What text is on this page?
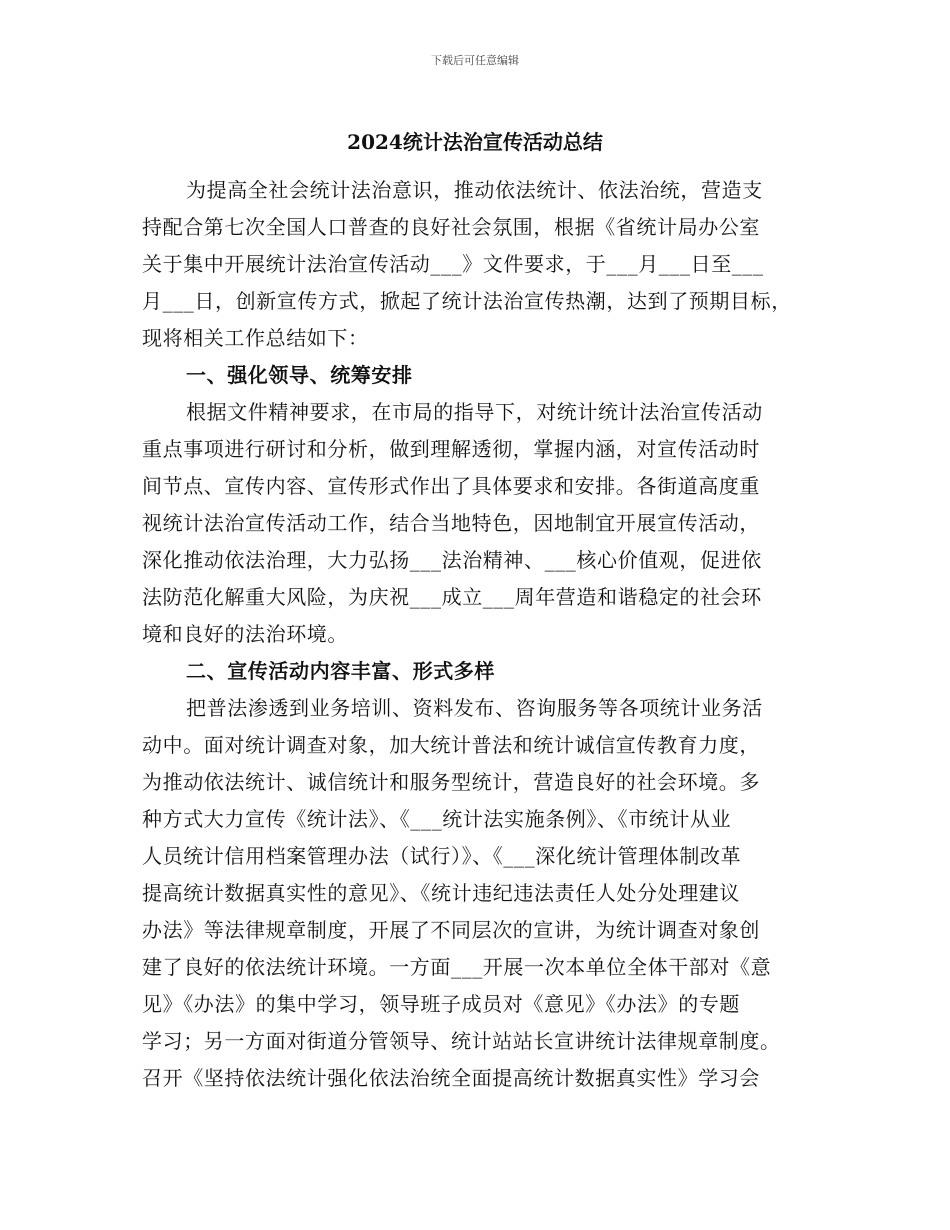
下载后可任意编辑
2024统计法治宣传活动总结
为提高全社会统计法治意识，推动依法统计、依法治统，营造支
持配合第七次全国人口普查的良好社会氛围，根据《省统计局办公室
关于集中开展统计法治宣传活动___》文件要求，于___月___日至___
月___日，创新宣传方式，掀起了统计法治宣传热潮，达到了预期目标，
现将相关工作总结如下：
一、强化领导、统筹安排
根据文件精神要求，在市局的指导下，对统计统计法治宣传活动
重点事项进行研讨和分析，做到理解透彻，掌握内涵，对宣传活动时
间节点、宣传内容、宣传形式作出了具体要求和安排。各街道高度重
视统计法治宣传活动工作，结合当地特色，因地制宜开展宣传活动，
深化推动依法治理，大力弘扬___法治精神、___核心价值观，促进依
法防范化解重大风险，为庆祝___成立___周年营造和谐稳定的社会环
境和良好的法治环境。
二、宣传活动内容丰富、形式多样
把普法渗透到业务培训、资料发布、咨询服务等各项统计业务活
动中。面对统计调查对象，加大统计普法和统计诚信宣传教育力度，
为推动依法统计、诚信统计和服务型统计，营造良好的社会环境。多
种方式大力宣传《统计法》、《___统计法实施条例》、《市统计从业
人员统计信用档案管理办法（试行）》、《___深化统计管理体制改革
提高统计数据真实性的意见》、《统计违纪违法责任人处分处理建议
办法》等法律规章制度，开展了不同层次的宣讲，为统计调查对象创
建了良好的依法统计环境。一方面___开展一次本单位全体干部对《意
见》《办法》的集中学习，领导班子成员对《意见》《办法》的专题
学习；另一方面对街道分管领导、统计站站长宣讲统计法律规章制度。
召开《坚持依法统计强化依法治统全面提高统计数据真实性》学习会
